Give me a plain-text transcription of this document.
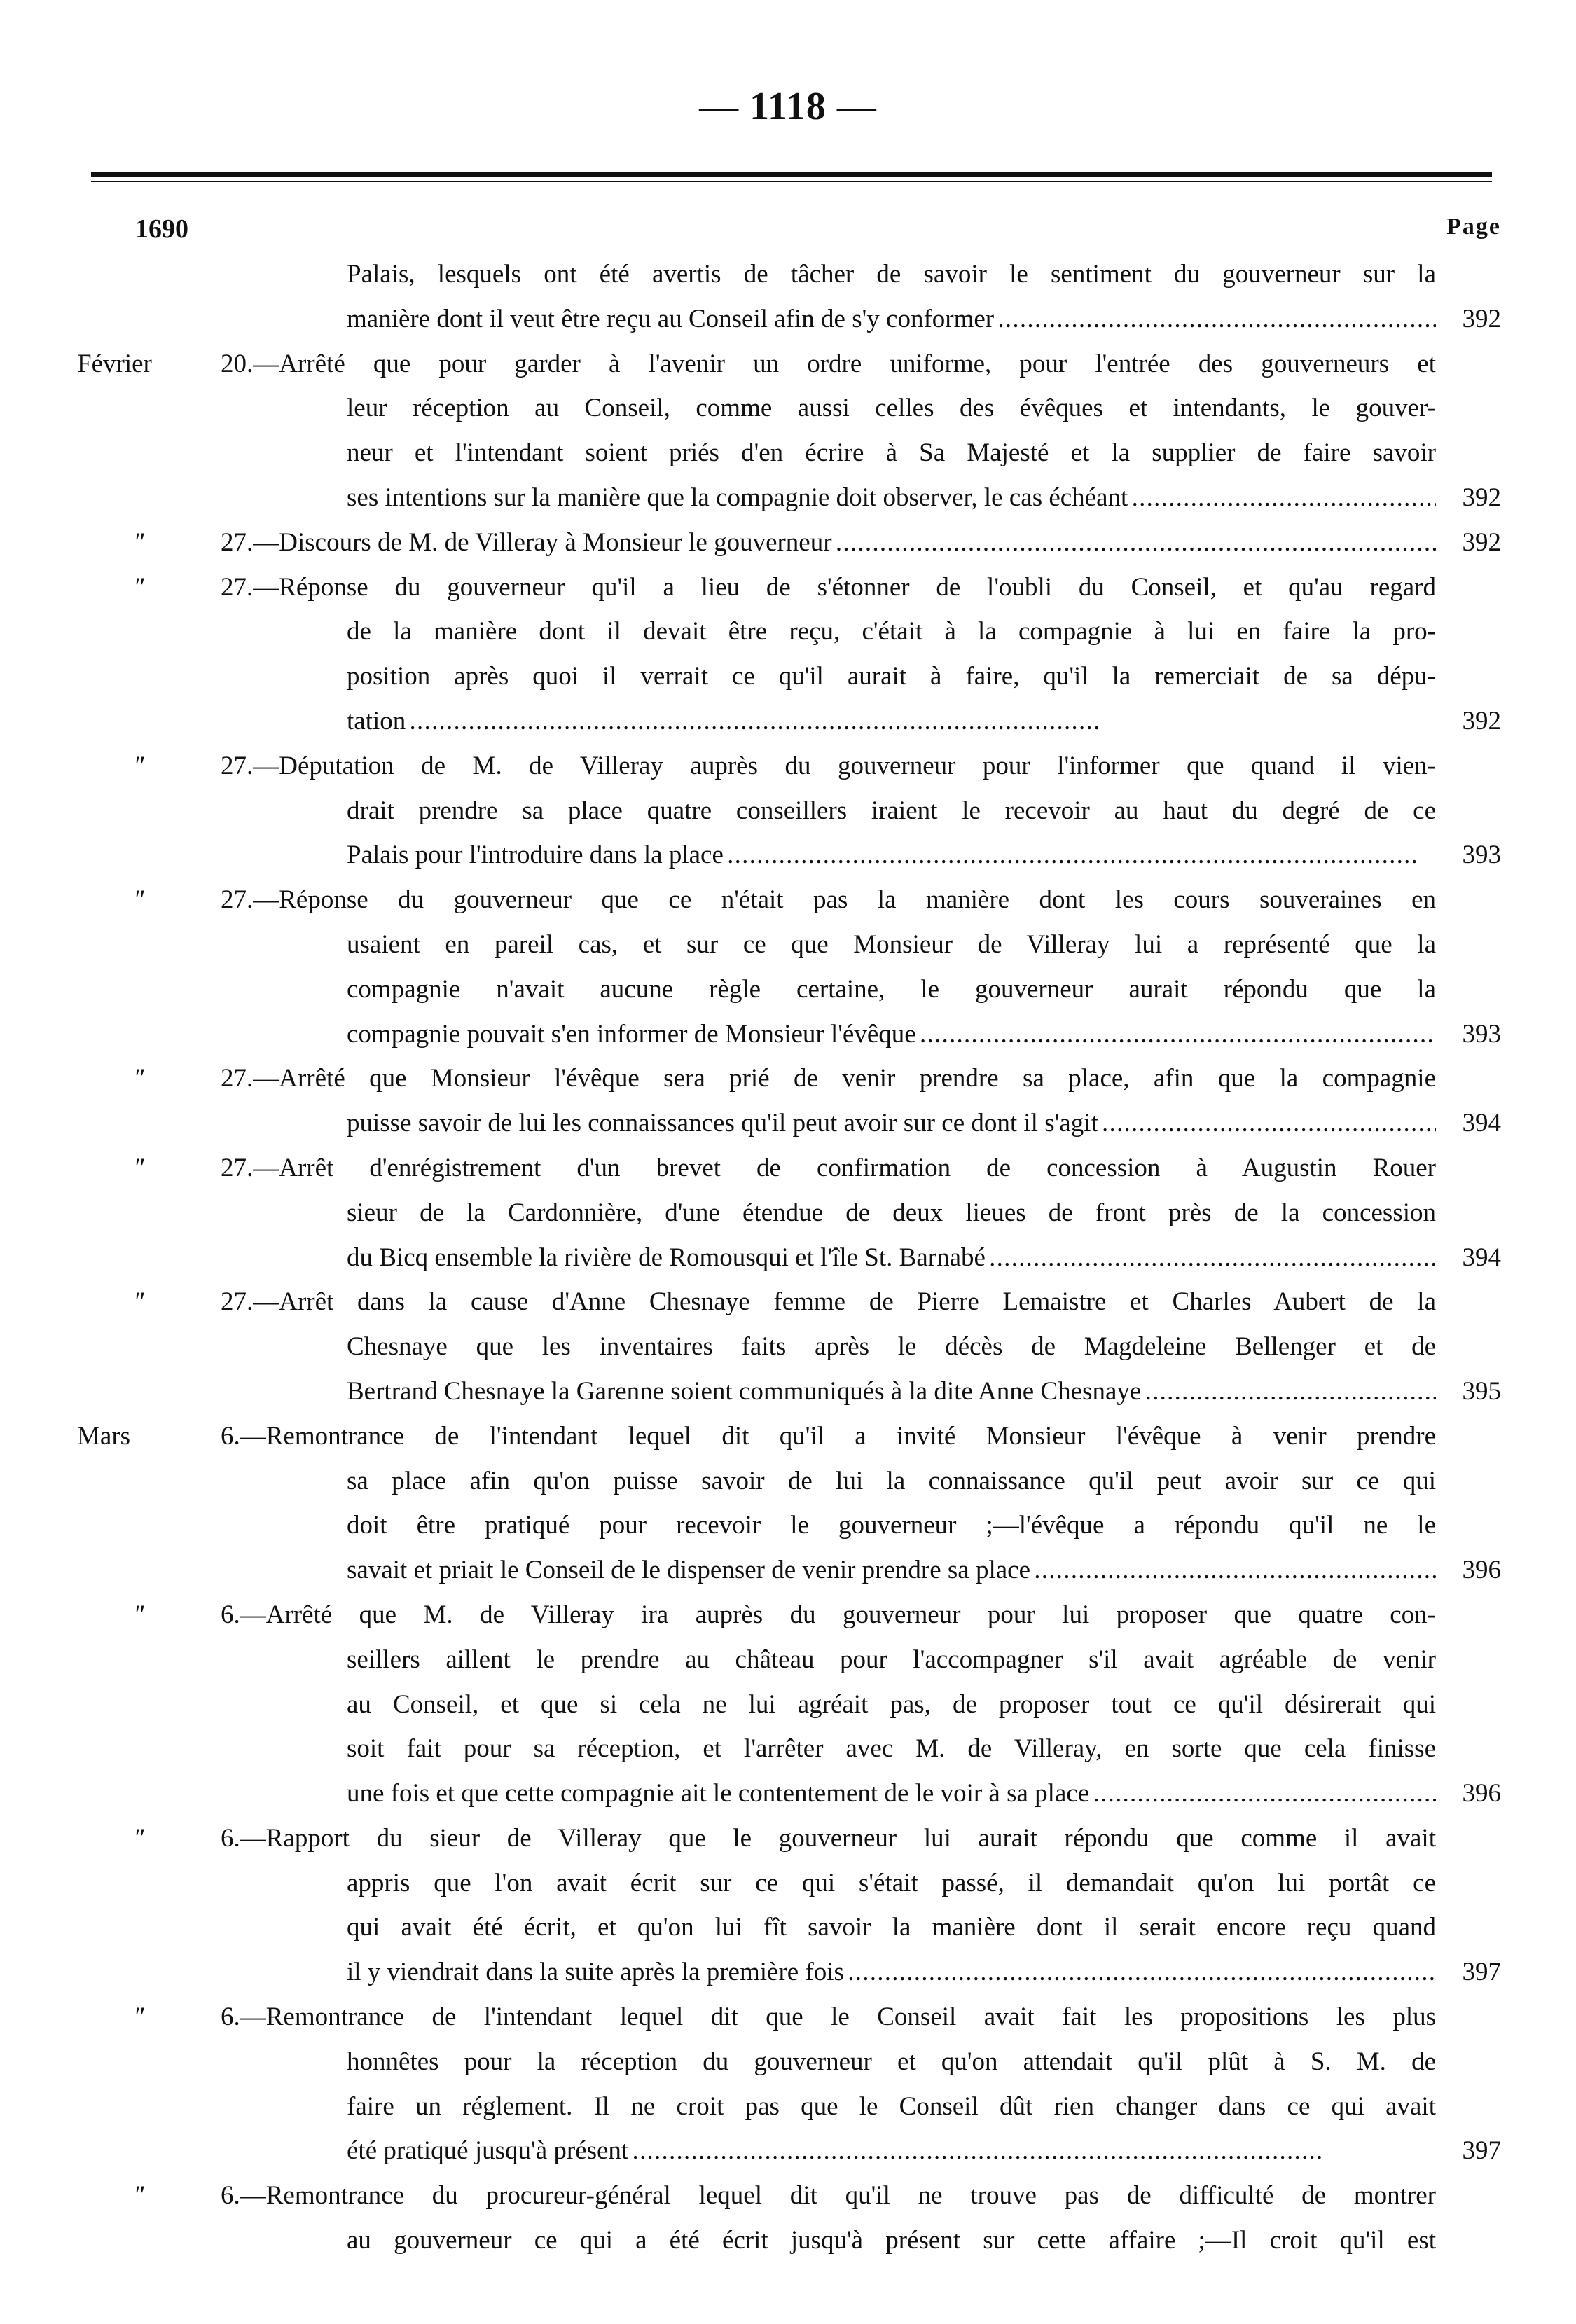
— 1118 —
1690	Page
Palais, lesquels ont été avertis de tâcher de savoir le sentiment du gouverneur sur la
manière dont il veut être reçu au Conseil afin de s'y conformer . . .	392
Février	20.—Arrêté que pour garder à l'avenir un ordre uniforme, pour l'entrée des gouverneurs et
leur réception au Conseil, comme aussi celles des évêques et intendants, le gouver-
neur et l'intendant soient priés d'en écrire à Sa Majesté et la supplier de faire savoir
ses intentions sur la manière que la compagnie doit observer, le cas échéant . . .	392
"	27.—Discours de M. de Villeray à Monsieur le gouverneur . . .	392
"	27.—Réponse du gouverneur qu'il a lieu de s'étonner de l'oubli du Conseil, et qu'au regard
de la manière dont il devait être reçu, c'était à la compagnie à lui en faire la pro-
position après quoi il verrait ce qu'il aurait à faire, qu'il la remerciait de sa dépu-
tation . . .	392
"	27.—Députation de M. de Villeray auprès du gouverneur pour l'informer que quand il vien-
drait prendre sa place quatre conseillers iraient le recevoir au haut du degré de ce
Palais pour l'introduire dans la place . . .	393
"	27.—Réponse du gouverneur que ce n'était pas la manière dont les cours souveraines en
usaient en pareil cas, et sur ce que Monsieur de Villeray lui a représenté que la
compagnie n'avait aucune règle certaine, le gouverneur aurait répondu que la
compagnie pouvait s'en informer de Monsieur l'évêque . . .	393
"	27.—Arrêté que Monsieur l'évêque sera prié de venir prendre sa place, afin que la compagnie
puisse savoir de lui les connaissances qu'il peut avoir sur ce dont il s'agit . . .	394
"	27.—Arrêt d'enrégistrement d'un brevet de confirmation de concession à Augustin Rouer
sieur de la Cardonnière, d'une étendue de deux lieues de front près de la concession
du Bicq ensemble la rivière de Romousqui et l'île St. Barnabé . . .	394
"	27.—Arrêt dans la cause d'Anne Chesnaye femme de Pierre Lemaistre et Charles Aubert de la
Chesnaye que les inventaires faits après le décès de Magdeleine Bellenger et de
Bertrand Chesnaye la Garenne soient communiqués à la dite Anne Chesnaye . . .	395
Mars	6.—Remontrance de l'intendant lequel dit qu'il a invité Monsieur l'évêque à venir prendre
sa place afin qu'on puisse savoir de lui la connaissance qu'il peut avoir sur ce qui
doit être pratiqué pour recevoir le gouverneur ;—l'évêque a répondu qu'il ne le
savait et priait le Conseil de le dispenser de venir prendre sa place . . .	396
"	6.—Arrêté que M. de Villeray ira auprès du gouverneur pour lui proposer que quatre con-
seillers aillent le prendre au château pour l'accompagner s'il avait agréable de venir
au Conseil, et que si cela ne lui agréait pas, de proposer tout ce qu'il désirerait qui
soit fait pour sa réception, et l'arrêter avec M. de Villeray, en sorte que cela finisse
une fois et que cette compagnie ait le contentement de le voir à sa place . . .	396
"	6.—Rapport du sieur de Villeray que le gouverneur lui aurait répondu que comme il avait
appris que l'on avait écrit sur ce qui s'était passé, il demandait qu'on lui portât ce
qui avait été écrit, et qu'on lui fît savoir la manière dont il serait encore reçu quand
il y viendrait dans la suite après la première fois . . .	397
"	6.—Remontrance de l'intendant lequel dit que le Conseil avait fait les propositions les plus
honnêtes pour la réception du gouverneur et qu'on attendait qu'il plût à S. M. de
faire un réglement. Il ne croit pas que le Conseil dût rien changer dans ce qui avait
été pratiqué jusqu'à présent . . .	397
"	6.—Remontrance du procureur-général lequel dit qu'il ne trouve pas de difficulté de montrer
au gouverneur ce qui a été écrit jusqu'à présent sur cette affaire ;—Il croit qu'il est
